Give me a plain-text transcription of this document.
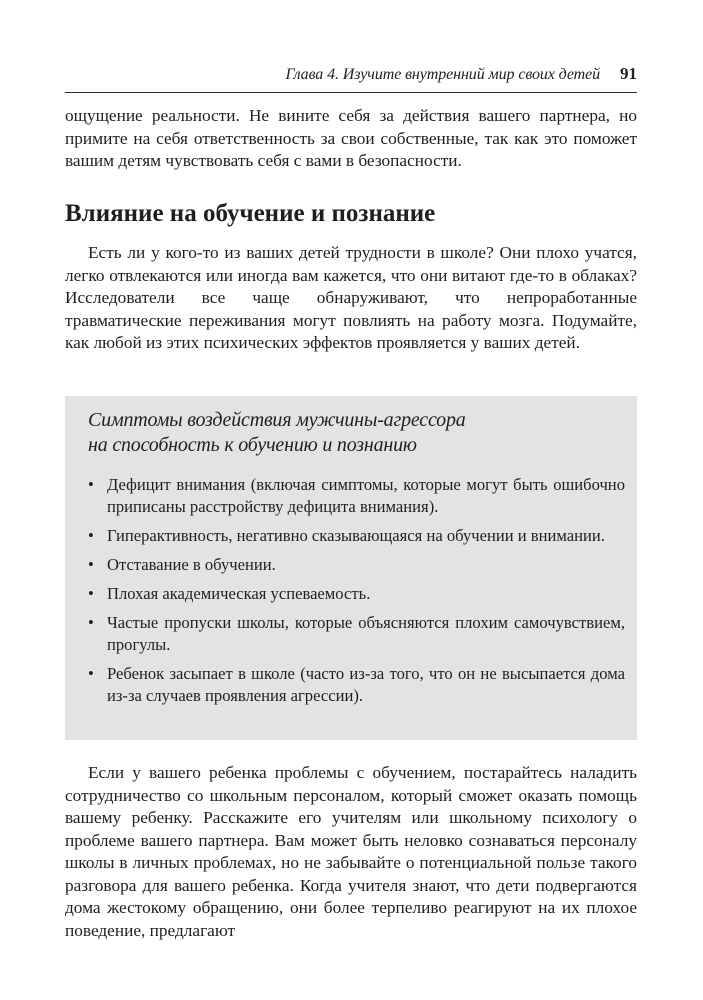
Глава 4. Изучите внутренний мир своих детей 91

ощущение реальности. Не вините себя за действия вашего партнера, но примите на себя ответственность за свои собственные, так как это поможет вашим детям чувствовать себя с вами в безопасности.

Влияние на обучение и познание

Есть ли у кого-то из ваших детей трудности в школе? Они плохо учатся, легко отвлекаются или иногда вам кажется, что они витают где-то в облаках? Исследователи все чаще обнаруживают, что непроработанные травматические переживания могут повлиять на работу мозга. Подумайте, как любой из этих психических эффектов проявляется у ваших детей.

Симптомы воздействия мужчины-агрессора
на способность к обучению и познанию

• Дефицит внимания (включая симптомы, которые могут быть ошибочно приписаны расстройству дефицита внимания).
• Гиперактивность, негативно сказывающаяся на обучении и внимании.
• Отставание в обучении.
• Плохая академическая успеваемость.
• Частые пропуски школы, которые объясняются плохим самочувствием, прогулы.
• Ребенок засыпает в школе (часто из-за того, что он не высыпается дома из-за случаев проявления агрессии).

Если у вашего ребенка проблемы с обучением, постарайтесь наладить сотрудничество со школьным персоналом, который сможет оказать помощь вашему ребенку. Расскажите его учителям или школьному психологу о проблеме вашего партнера. Вам может быть неловко сознаваться персоналу школы в личных проблемах, но не забывайте о потенциальной пользе такого разговора для вашего ребенка. Когда учителя знают, что дети подвергаются дома жестокому обращению, они более терпеливо реагируют на их плохое поведение, предлагают
